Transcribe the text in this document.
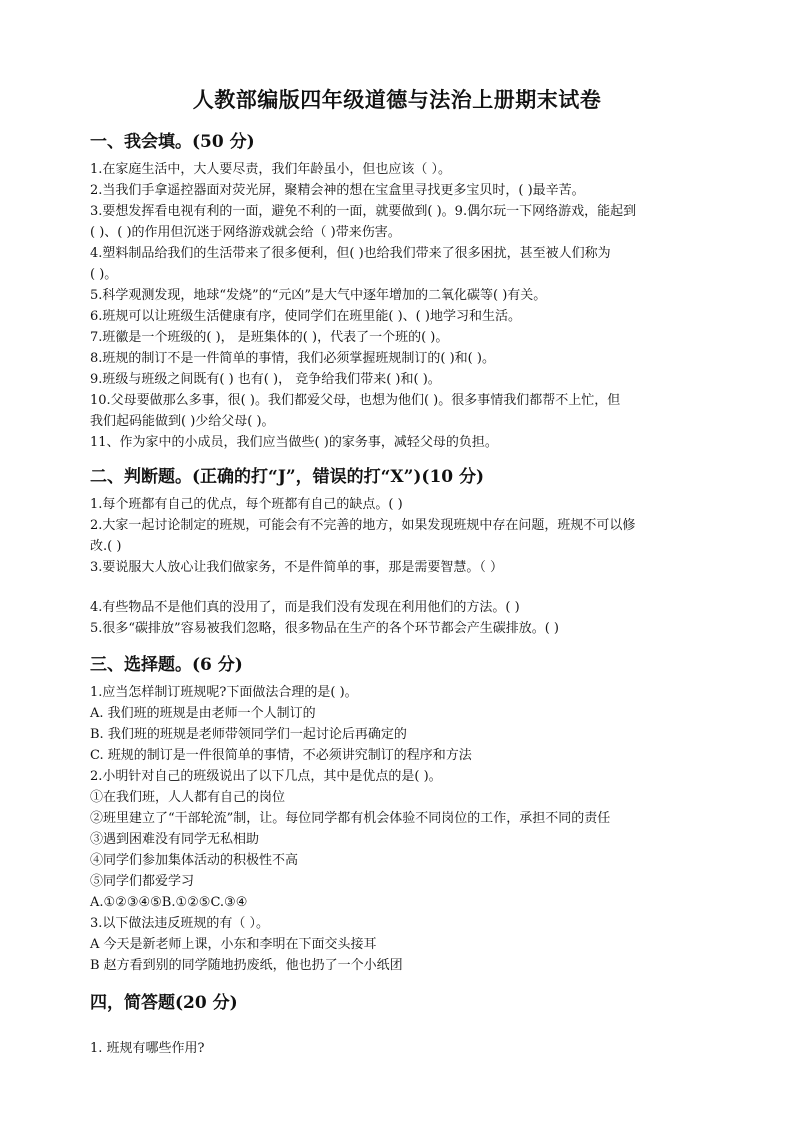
人教部编版四年级道德与法治上册期末试卷
一、我会填。(50 分)
1.在家庭生活中，大人要尽责，我们年龄虽小，但也应该（ ）。
2.当我们手拿遥控器面对荧光屏，聚精会神的想在宝盒里寻找更多宝贝时，( )最辛苦。
3.要想发挥看电视有利的一面，避免不利的一面，就要做到( )。9.偶尔玩一下网络游戏，能起到
( )、( )的作用但沉迷于网络游戏就会给（ )带来伤害。
4.塑料制品给我们的生活带来了很多便利，但( )也给我们带来了很多困扰，甚至被人们称为
( )。
5.科学观测发现，地球“发烧”的“元凶”是大气中逐年增加的二氧化碳等( )有关。
6.班规可以让班级生活健康有序，使同学们在班里能( )、( )地学习和生活。
7.班徽是一个班级的( )， 是班集体的( )，代表了一个班的( )。
8.班规的制订不是一件简单的事情，我们必须掌握班规制订的( )和( )。
9.班级与班级之间既有( ) 也有( )， 竞争给我们带来( )和( )。
10.父母要做那么多事，很( )。我们都爱父母，也想为他们( )。很多事情我们都帮不上忙，但
我们起码能做到( )少给父母( )。
11、作为家中的小成员，我们应当做些( )的家务事，减轻父母的负担。
二、判断题。(正确的打“J”，错误的打“X”)(10 分)
1.每个班都有自己的优点，每个班都有自己的缺点。( )
2.大家一起讨论制定的班规，可能会有不完善的地方，如果发现班规中存在问题，班规不可以修
改.( )
3.要说服大人放心让我们做家务，不是件简单的事，那是需要智慧。（ ）
4.有些物品不是他们真的没用了，而是我们没有发现在利用他们的方法。( )
5.很多“碳排放”容易被我们忽略，很多物品在生产的各个环节都会产生碳排放。( )
三、选择题。(6 分)
1.应当怎样制订班规呢?下面做法合理的是( )。
A. 我们班的班规是由老师一个人制订的
B. 我们班的班规是老师带领同学们一起讨论后再确定的
C. 班规的制订是一件很简单的事情，不必须讲究制订的程序和方法
2.小明针对自己的班级说出了以下几点，其中是优点的是( )。
①在我们班，人人都有自己的岗位
②班里建立了“干部轮流”制，让。每位同学都有机会体验不同岗位的工作，承担不同的责任
③遇到困难没有同学无私相助
④同学们参加集体活动的积极性不高
⑤同学们都爱学习
A.①②③④⑤B.①②⑤C.③④
3.以下做法违反班规的有（ ）。
A 今天是新老师上课，小东和李明在下面交头接耳
B 赵方看到别的同学随地扔废纸，他也扔了一个小纸团
四，简答题(20 分)
1. 班规有哪些作用?
